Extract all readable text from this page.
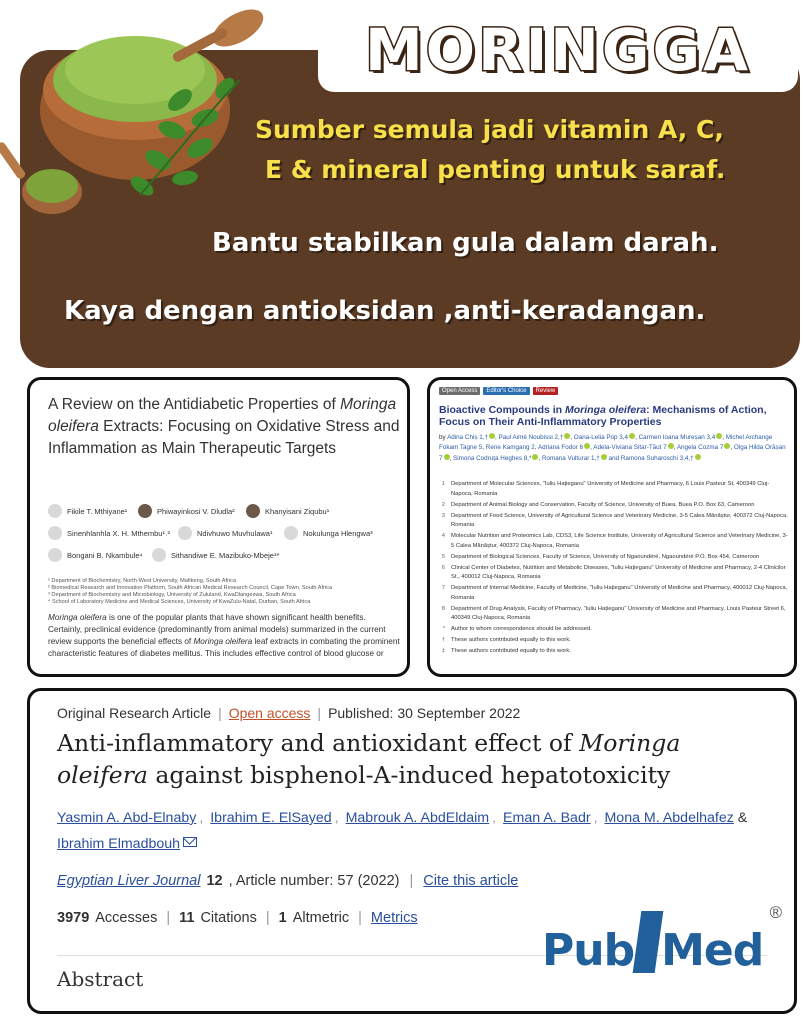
MORINGGA
Sumber semula jadi vitamin A, C,
E & mineral penting untuk saraf.
Bantu stabilkan gula dalam darah.
Kaya dengan antioksidan ,anti-keradangan.
A Review on the Antidiabetic Properties of Moringa oleifera Extracts: Focusing on Oxidative Stress and Inflammation as Main Therapeutic Targets
Fikile T. Mthiyane¹	Phiwayinkosi V. Dludla²	Khanyisani Ziqubu¹
Sinenhlanhla X. H. Mthembu¹˒²	Ndivhuwo Muvhulawa¹	Nokulunga Hlengwa³
Bongani B. Nkambule⁴	Sithandiwe E. Mazibuko-Mbeje¹*
¹ Department of Biochemistry, North-West University, Mafikeng, South Africa
² Biomedical Research and Innovation Platform, South African Medical Research Council, Cape Town, South Africa
³ Department of Biochemistry and Microbiology, University of Zululand, KwaDlangezwa, South Africa
⁴ School of Laboratory Medicine and Medical Sciences, University of KwaZulu-Natal, Durban, South Africa
Moringa oleifera is one of the popular plants that have shown significant health benefits. Certainly, preclinical evidence (predominantly from animal models) summarized in the current review supports the beneficial effects of Moringa oleifera leaf extracts in combating the prominent characteristic features of diabetes mellitus. This includes effective control of blood glucose or
Open Access	Editor's Choice	Review
Bioactive Compounds in Moringa oleifera: Mechanisms of Action, Focus on Their Anti-Inflammatory Properties
by Adina Chiș 1,† , Paul Aimé Noubissi 2,† , Oana-Lelia Pop 3,4 , Carmen Ioana Mureșan 3,4 , Michel Archange Fokam Tagne 5, Rene Kamgang 2, Adriana Fodor 6 , Adela-Viviana Sitar-Tăut 7 , Angela Cozma 7 , Olga Hilda Orășan 7 , Simona Codruța Heghes 8,* , Romana Vulturar 1,† and Ramona Suharoschi 3,4,†
1 Department of Molecular Sciences, "Iuliu Hațieganu" University of Medicine and Pharmacy, 6 Louis Pasteur St, 400349 Cluj-Napoca, Romania
2 Department of Animal Biology and Conservation, Faculty of Science, University of Buea, Buea P.O. Box 63, Cameroon
3 Department of Food Science, University of Agricultural Science and Veterinary Medicine, 3-5 Calea Mănăștur, 400372 Cluj-Napoca, Romania
4 Molecular Nutrition and Proteomics Lab, CDS3, Life Science Institute, University of Agricultural Science and Veterinary Medicine, 3-5 Calea Mănăștur, 400372 Cluj-Napoca, Romania
5 Department of Biological Sciences, Faculty of Science, University of Ngaoundéré, Ngaoundéré P.O. Box 454, Cameroon
6 Clinical Center of Diabetes, Nutrition and Metabolic Diseases, "Iuliu Hațieganu" University of Medicine and Pharmacy, 2-4 Clinicilor St., 400012 Cluj-Napoca, Romania
7 Department of Internal Medicine, Faculty of Medicine, "Iuliu Hațieganu" University of Medicine and Pharmacy, 400012 Cluj-Napoca, Romania
8 Department of Drug Analysis, Faculty of Pharmacy, "Iuliu Hațieganu" University of Medicine and Pharmacy, Louis Pasteur Street 6, 400349 Cluj-Napoca, Romania
* Author to whom correspondence should be addressed.
† These authors contributed equally to this work.
‡ These authors contributed equally to this work.
Original Research Article | Open access | Published: 30 September 2022
Anti-inflammatory and antioxidant effect of Moringa oleifera against bisphenol-A-induced hepatotoxicity
Yasmin A. Abd-Elnaby , Ibrahim E. ElSayed , Mabrouk A. AbdEldaim , Eman A. Badr , Mona M. Abdelhafez &
Ibrahim Elmadbouh
Egyptian Liver Journal 12 , Article number: 57 (2022) | Cite this article
3979 Accesses | 11 Citations | 1 Altmetric | Metrics
Abstract
Pub Med
®
